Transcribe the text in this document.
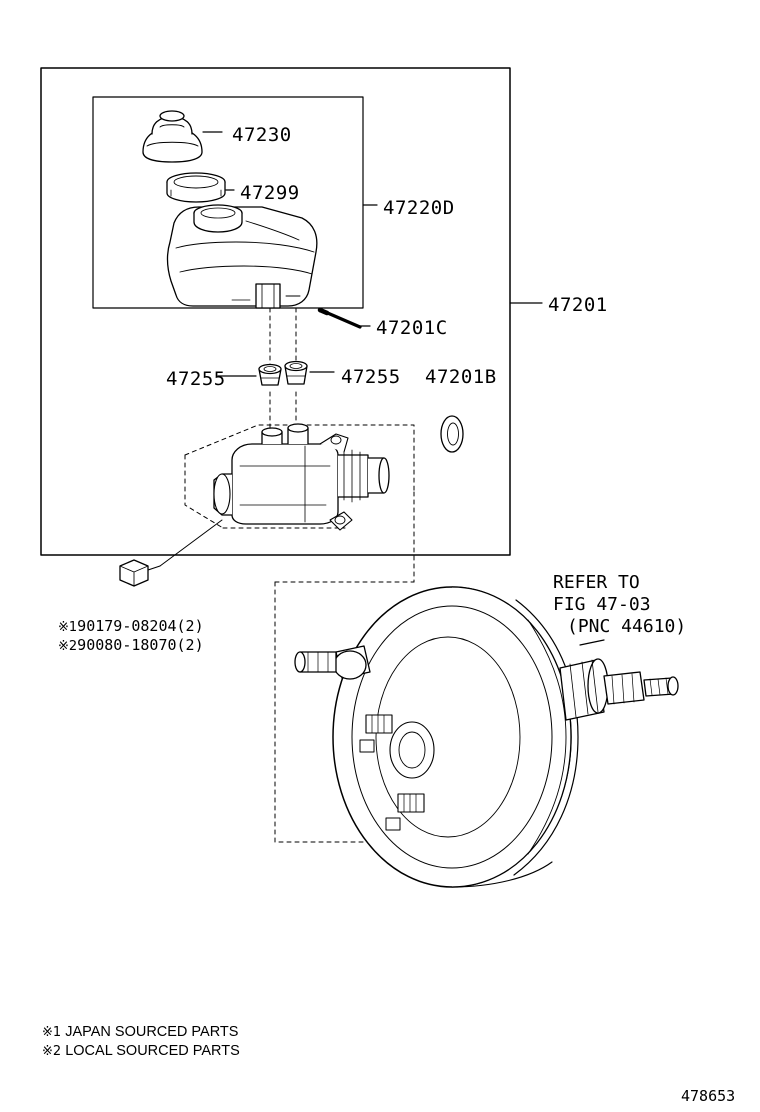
47230
47299
47220D
47201
47201C
47255	47255 47201B
REFER TO
FIG 47-03
(PNC 44610)
※190179-08204(2)
※290080-18070(2)
※1 JAPAN SOURCED PARTS
※2 LOCAL SOURCED PARTS
478653
